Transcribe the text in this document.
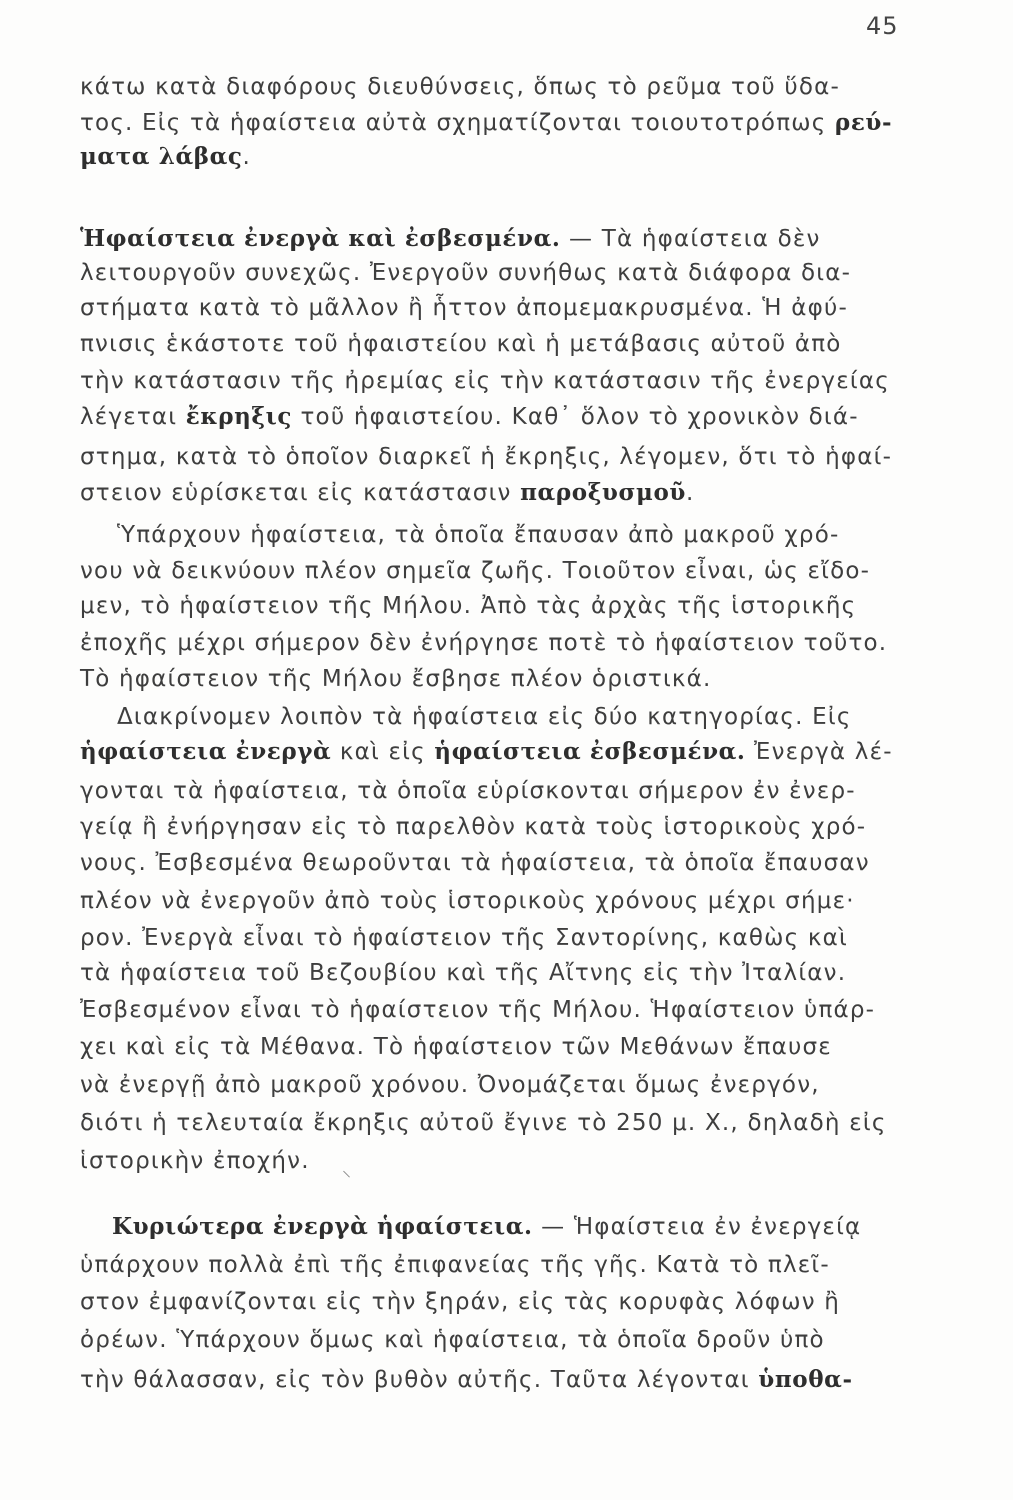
45
κάτω κατὰ διαφόρους διευθύνσεις, ὅπως τὸ ρεῦμα τοῦ ὕδα-
τος. Εἰς τὰ ἡφαίστεια αὐτὰ σχηματίζονται τοιουτοτρόπως ρεύ-
ματα λάβας.
Ἡφαίστεια ἐνεργὰ καὶ ἐσβεσμένα. — Τὰ ἡφαίστεια δὲν
λειτουργοῦν συνεχῶς. Ἐνεργοῦν συνήθως κατὰ διάφορα δια-
στήματα κατὰ τὸ μᾶλλον ἢ ἧττον ἀπομεμακρυσμένα. Ἡ ἀφύ-
πνισις ἑκάστοτε τοῦ ἡφαιστείου καὶ ἡ μετάβασις αὐτοῦ ἀπὸ
τὴν κατάστασιν τῆς ἠρεμίας εἰς τὴν κατάστασιν τῆς ἐνεργείας
λέγεται ἔκρηξις τοῦ ἡφαιστείου. Καθ᾽ ὅλον τὸ χρονικὸν διά-
στημα, κατὰ τὸ ὁποῖον διαρκεῖ ἡ ἔκρηξις, λέγομεν, ὅτι τὸ ἡφαί-
στειον εὑρίσκεται εἰς κατάστασιν παροξυσμοῦ.
Ὑπάρχουν ἡφαίστεια, τὰ ὁποῖα ἔπαυσαν ἀπὸ μακροῦ χρό-
νου νὰ δεικνύουν πλέον σημεῖα ζωῆς. Τοιοῦτον εἶναι, ὡς εἴδο-
μεν, τὸ ἡφαίστειον τῆς Μήλου. Ἀπὸ τὰς ἀρχὰς τῆς ἱστορικῆς
ἐποχῆς μέχρι σήμερον δὲν ἐνήργησε ποτὲ τὸ ἡφαίστειον τοῦτο.
Τὸ ἡφαίστειον τῆς Μήλου ἔσβησε πλέον ὁριστικά.
Διακρίνομεν λοιπὸν τὰ ἡφαίστεια εἰς δύο κατηγορίας. Εἰς
ἡφαίστεια ἐνεργὰ καὶ εἰς ἡφαίστεια ἐσβεσμένα. Ἐνεργὰ λέ-
γονται τὰ ἡφαίστεια, τὰ ὁποῖα εὑρίσκονται σήμερον ἐν ἐνερ-
γείᾳ ἢ ἐνήργησαν εἰς τὸ παρελθὸν κατὰ τοὺς ἱστορικοὺς χρό-
νους. Ἐσβεσμένα θεωροῦνται τὰ ἡφαίστεια, τὰ ὁποῖα ἔπαυσαν
πλέον νὰ ἐνεργοῦν ἀπὸ τοὺς ἱστορικοὺς χρόνους μέχρι σήμε·
ρον. Ἐνεργὰ εἶναι τὸ ἡφαίστειον τῆς Σαντορίνης, καθὼς καὶ
τὰ ἡφαίστεια τοῦ Βεζουβίου καὶ τῆς Αἴτνης εἰς τὴν Ἰταλίαν.
Ἐσβεσμένον εἶναι τὸ ἡφαίστειον τῆς Μήλου. Ἡφαίστειον ὑπάρ-
χει καὶ εἰς τὰ Μέθανα. Τὸ ἡφαίστειον τῶν Μεθάνων ἔπαυσε
νὰ ἐνεργῇ ἀπὸ μακροῦ χρόνου. Ὀνομάζεται ὅμως ἐνεργόν,
διότι ἡ τελευταία ἔκρηξις αὐτοῦ ἔγινε τὸ 250 μ. Χ., δηλαδὴ εἰς
ἱστορικὴν ἐποχήν.	⸜
Κυριώτερα ἐνεργὰ ἡφαίστεια. — Ἡφαίστεια ἐν ἐνεργείᾳ
ὑπάρχουν πολλὰ ἐπὶ τῆς ἐπιφανείας τῆς γῆς. Κατὰ τὸ πλεῖ-
στον ἐμφανίζονται εἰς τὴν ξηράν, εἰς τὰς κορυφὰς λόφων ἢ
ὀρέων. Ὑπάρχουν ὅμως καὶ ἡφαίστεια, τὰ ὁποῖα δροῦν ὑπὸ
τὴν θάλασσαν, εἰς τὸν βυθὸν αὐτῆς. Ταῦτα λέγονται ὑποθα-
